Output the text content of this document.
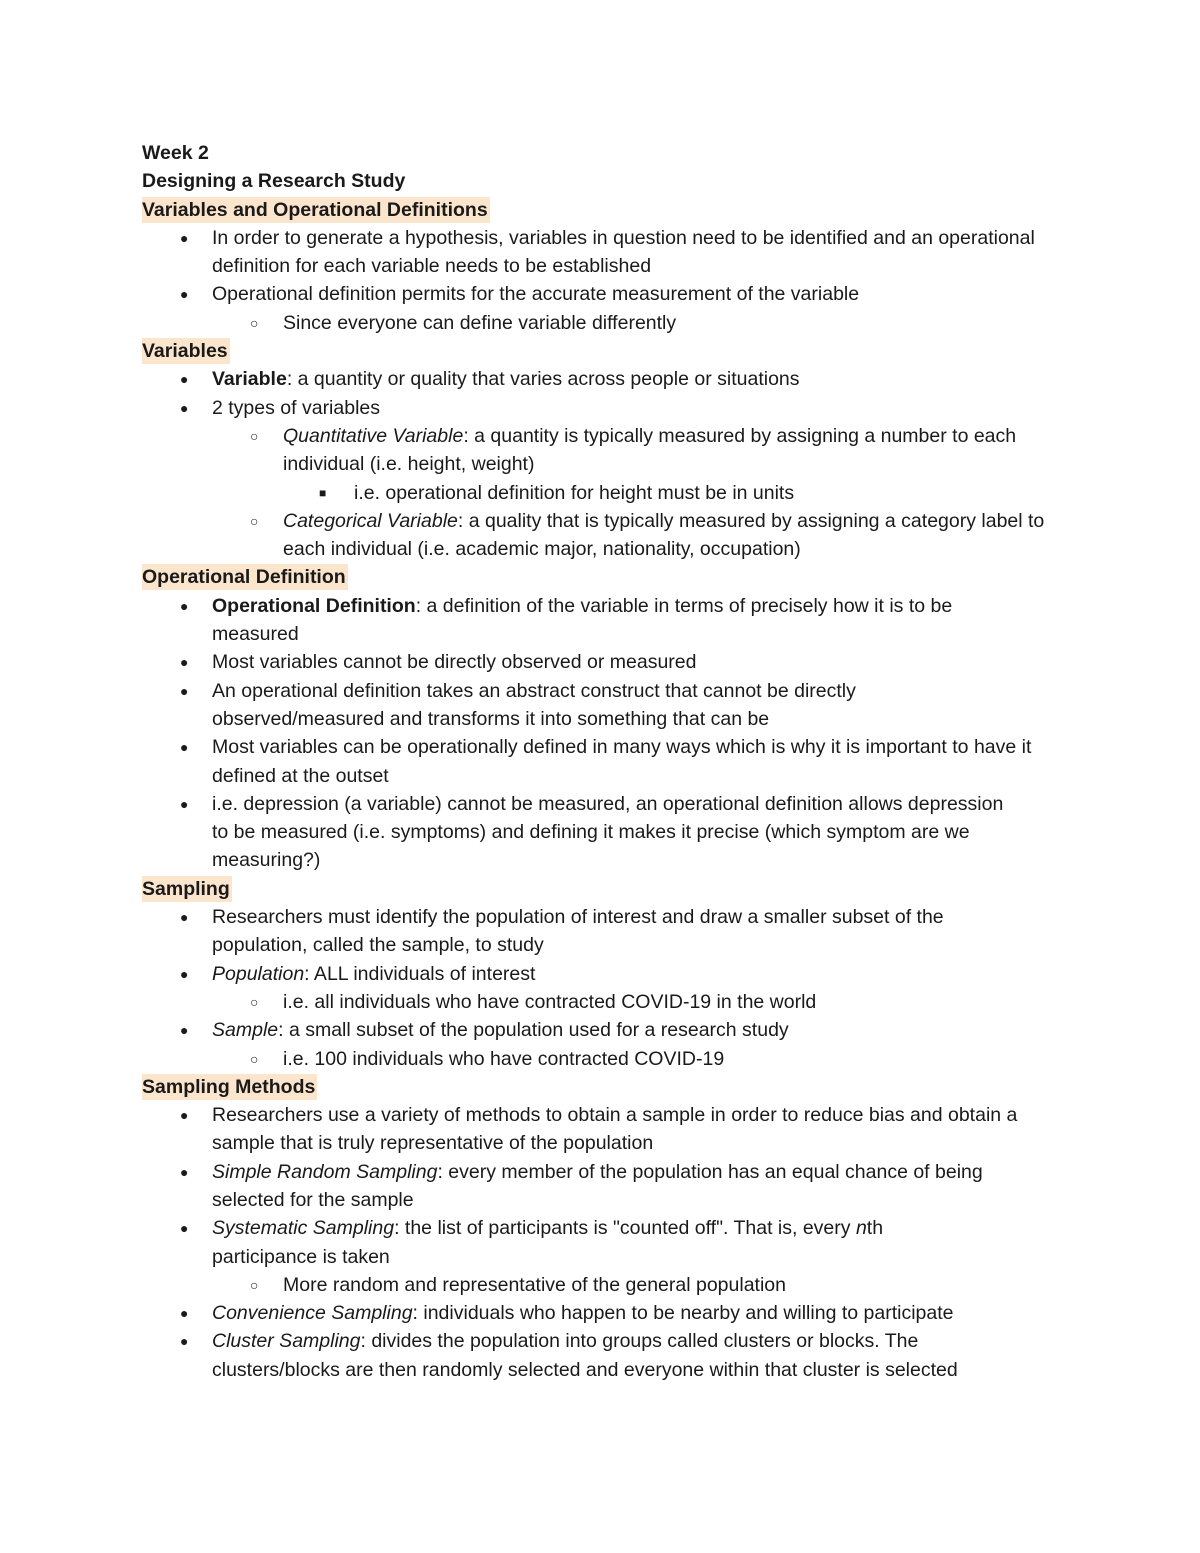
Week 2
Designing a Research Study
Variables and Operational Definitions
●
In order to generate a hypothesis, variables in question need to be identified and an operational definition for each variable needs to be established
●
Operational definition permits for the accurate measurement of the variable
○
Since everyone can define variable differently
Variables
●
Variable: a quantity or quality that varies across people or situations
●
2 types of variables
○
Quantitative Variable: a quantity is typically measured by assigning a number to each individual (i.e. height, weight)
■
i.e. operational definition for height must be in units
○
Categorical Variable: a quality that is typically measured by assigning a category label to each individual (i.e. academic major, nationality, occupation)
Operational Definition
●
Operational Definition: a definition of the variable in terms of precisely how it is to be measured
●
Most variables cannot be directly observed or measured
●
An operational definition takes an abstract construct that cannot be directly observed/measured and transforms it into something that can be
●
Most variables can be operationally defined in many ways which is why it is important to have it defined at the outset
●
i.e. depression (a variable) cannot be measured, an operational definition allows depression to be measured (i.e. symptoms) and defining it makes it precise (which symptom are we measuring?)
Sampling
●
Researchers must identify the population of interest and draw a smaller subset of the population, called the sample, to study
●
Population: ALL individuals of interest
○
i.e. all individuals who have contracted COVID-19 in the world
●
Sample: a small subset of the population used for a research study
○
i.e. 100 individuals who have contracted COVID-19
Sampling Methods
●
Researchers use a variety of methods to obtain a sample in order to reduce bias and obtain a sample that is truly representative of the population
●
Simple Random Sampling: every member of the population has an equal chance of being selected for the sample
●
Systematic Sampling: the list of participants is "counted off". That is, every nth participance is taken
○
More random and representative of the general population
●
Convenience Sampling: individuals who happen to be nearby and willing to participate
●
Cluster Sampling: divides the population into groups called clusters or blocks. The clusters/blocks are then randomly selected and everyone within that cluster is selected
